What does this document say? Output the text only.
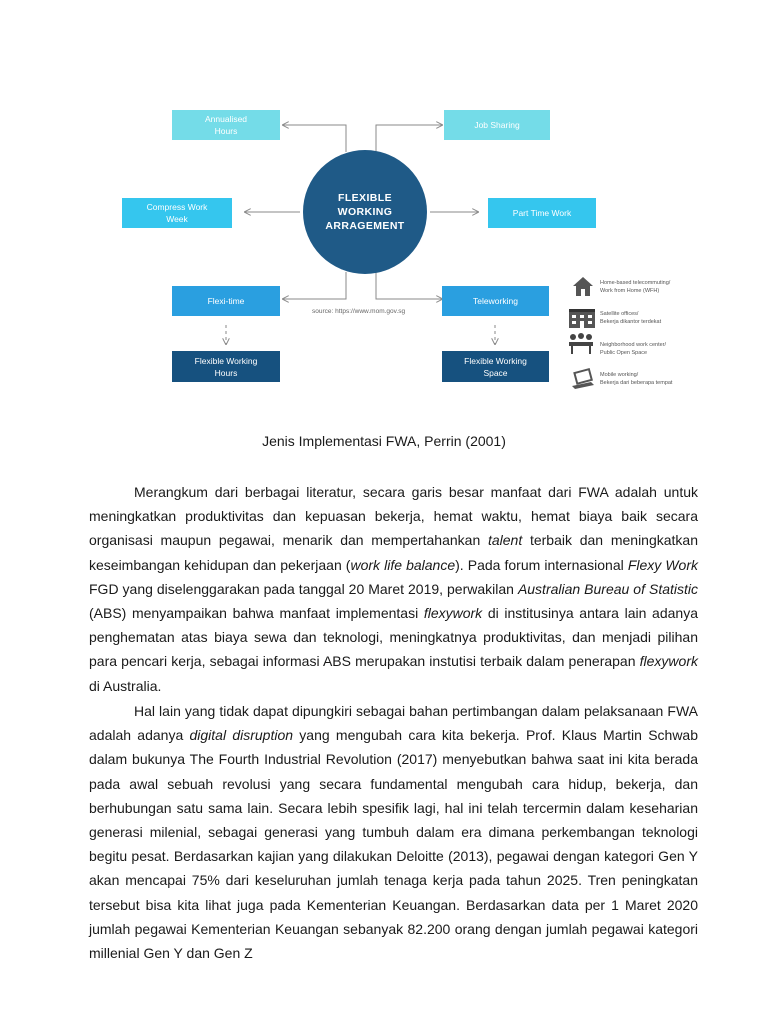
Annualised
Hours
Job Sharing
Compress Work
Week
Part Time Work
FLEXIBLE
WORKING
ARRAGEMENT
Flexi-time	Teleworking
source: https://www.mom.gov.sg
Flexible Working
Hours
Flexible Working
Space
Home-based telecommuting/
Work from Home (WFH)
Satellite offices/
Bekerja dikantor terdekat
Neighborhood work center/
Public Open Space
Mobile working/
Bekerja dari beberapa tempat
Jenis Implementasi FWA, Perrin (2001)

Merangkum dari berbagai literatur, secara garis besar manfaat dari FWA adalah untuk meningkatkan produktivitas dan kepuasan bekerja, hemat waktu, hemat biaya baik secara organisasi maupun pegawai, menarik dan mempertahankan talent terbaik dan meningkatkan keseimbangan kehidupan dan pekerjaan (work life balance). Pada forum internasional Flexy Work FGD yang diselenggarakan pada tanggal 20 Maret 2019, perwakilan Australian Bureau of Statistic (ABS) menyampaikan bahwa manfaat implementasi flexywork di institusinya antara lain adanya penghematan atas biaya sewa dan teknologi, meningkatnya produktivitas, dan menjadi pilihan para pencari kerja, sebagai informasi ABS merupakan instutisi terbaik dalam penerapan flexywork di Australia.

Hal lain yang tidak dapat dipungkiri sebagai bahan pertimbangan dalam pelaksanaan FWA adalah adanya digital disruption yang mengubah cara kita bekerja. Prof. Klaus Martin Schwab dalam bukunya The Fourth Industrial Revolution (2017) menyebutkan bahwa saat ini kita berada pada awal sebuah revolusi yang secara fundamental mengubah cara hidup, bekerja, dan berhubungan satu sama lain. Secara lebih spesifik lagi, hal ini telah tercermin dalam keseharian generasi milenial, sebagai generasi yang tumbuh dalam era dimana perkembangan teknologi begitu pesat. Berdasarkan kajian yang dilakukan Deloitte (2013), pegawai dengan kategori Gen Y akan mencapai 75% dari keseluruhan jumlah tenaga kerja pada tahun 2025. Tren peningkatan tersebut bisa kita lihat juga pada Kementerian Keuangan. Berdasarkan data per 1 Maret 2020 jumlah pegawai Kementerian Keuangan sebanyak 82.200 orang dengan jumlah pegawai kategori millenial Gen Y dan Gen Z
